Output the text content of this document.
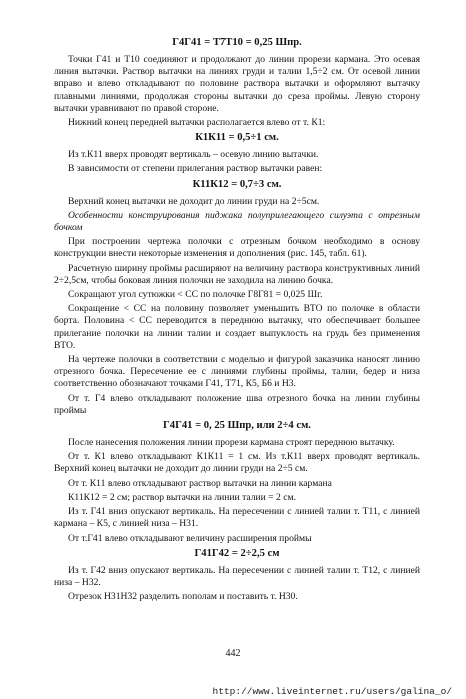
Г4Г41 = Т7Т10 = 0,25 Шпр.

Точки Г41 и Т10 соединяют и продолжают до линии прорези кармана. Это осевая линия вытачки. Раствор вытачки на линиях груди и талии 1,5÷2 см. От осевой линии вправо и влево откладывают по половине раствора вытачки и оформляют вытачку плавными линиями, продолжая стороны вытачки до среза проймы. Левую сторону вытачки уравнивают по правой стороне.

Нижний конец передней вытачки располагается влево от т. К1:

К1К11 = 0,5÷1 см.

Из т.К11 вверх проводят вертикаль – осевую линию вытачки.

В зависимости от степени прилегания раствор вытачки равен:

К11К12 = 0,7÷3 см.

Верхний конец вытачки не доходит до линии груди на 2÷5см.

Особенности конструирования пиджака полуприлегающего силуэта с отрезным бочком

При построении чертежа полочки с отрезным бочком необходимо в основу конструкции внести некоторые изменения и дополнения (рис. 145, табл. 61).

Расчетную ширину проймы расширяют на величину раствора конструктивных линий 2÷2,5см, чтобы боковая линия полочки не заходила на линию бочка.

Сокращают угол сутюжки < СС по полочке Г8Г81 = 0,025 Шг.

Сокращение < СС на половину позволяет уменьшить ВТО по полочке в области борта. Половина < СС переводится в переднюю вытачку, что обеспечивает большее прилегание полочки на линии талии и создает выпуклость на грудь без применения ВТО.

На чертеже полочки в соответствии с моделью и фигурой заказчика наносят линию отрезного бочка. Пересечение ее с линиями глубины проймы, талии, бедер и низа соответственно обозначают точками Г41, Т71, К5, Б6 и Н3.

От т. Г4 влево откладывают положение шва отрезного бочка на линии глубины проймы

Г4Г41 = 0, 25 Шпр, или 2÷4 см.

После нанесения положения линии прорези кармана строят переднюю вытачку.

От т. К1 влево откладывают К1К11 = 1 см. Из т.К11 вверх проводят вертикаль. Верхний конец вытачки не доходит до линии груди на 2÷5 см.

От т. К11 влево откладывают раствор вытачки на линии кармана

К11К12 = 2 см; раствор вытачки на линии талии = 2 см.

Из т. Г41 вниз опускают вертикаль. На пересечении с линией талии т. Т11, с линией кармана – К5, с линией низа – Н31.

От т.Г41 влево откладывают величину расширения проймы

Г41Г42 = 2÷2,5 см

Из т. Г42 вниз опускают вертикаль. На пересечении с линией талии т. Т12, с линией низа – Н32.

Отрезок Н31Н32 разделить пополам и поставить т. Н30.

442
http://www.liveinternet.ru/users/galina_o/
